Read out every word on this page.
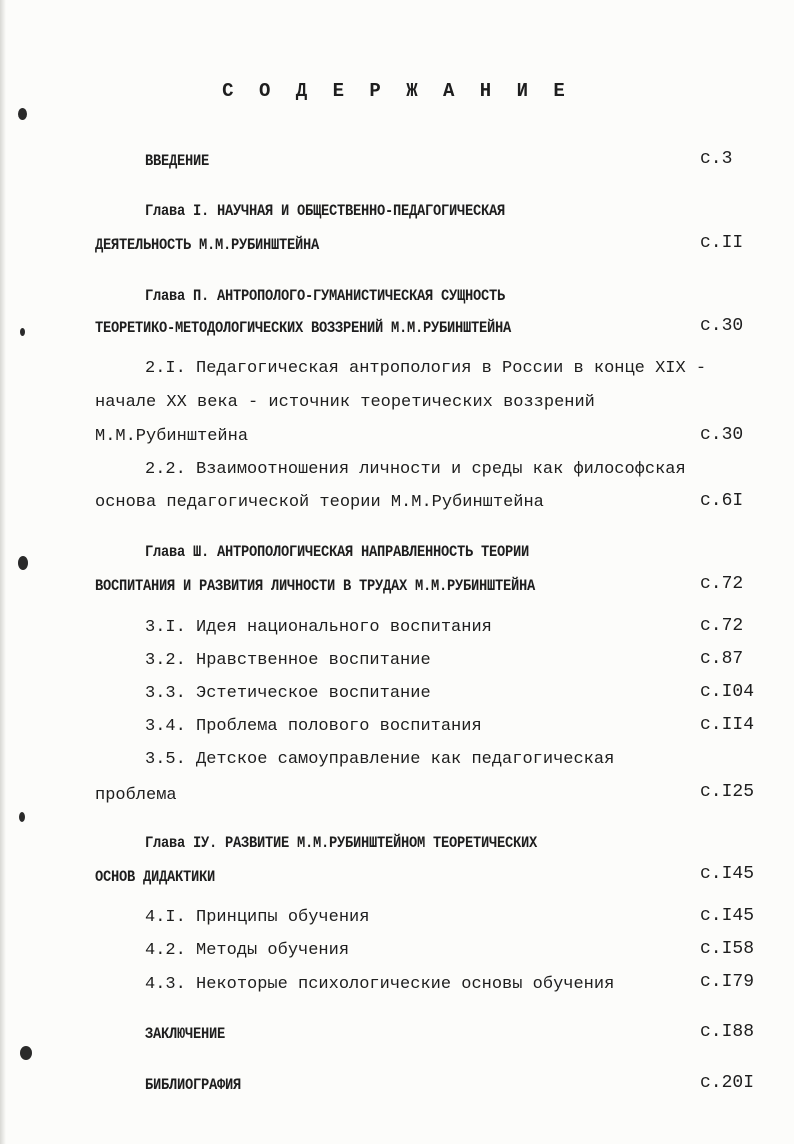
С О Д Е Р Ж А Н И Е
ВВЕДЕНИЕ	с.3
Глава I. НАУЧНАЯ И ОБЩЕСТВЕННО-ПЕДАГОГИЧЕСКАЯ
ДЕЯТЕЛЬНОСТЬ М.М.РУБИНШТЕЙНА	с.II
Глава П. АНТРОПОЛОГО-ГУМАНИСТИЧЕСКАЯ СУЩНОСТЬ
ТЕОРЕТИКО-МЕТОДОЛОГИЧЕСКИХ ВОЗЗРЕНИЙ М.М.РУБИНШТЕЙНА	с.30
2.I. Педагогическая антропология в России в конце XIX -
начале XX века - источник теоретических воззрений
М.М.Рубинштейна	с.30
2.2. Взаимоотношения личности и среды как философская
основа педагогической теории М.М.Рубинштейна	с.6I
Глава Ш. АНТРОПОЛОГИЧЕСКАЯ НАПРАВЛЕННОСТЬ ТЕОРИИ
ВОСПИТАНИЯ И РАЗВИТИЯ ЛИЧНОСТИ В ТРУДАХ М.М.РУБИНШТЕЙНА	с.72
3.I. Идея национального воспитания	с.72
3.2. Нравственное воспитание	с.87
3.3. Эстетическое воспитание	с.I04
3.4. Проблема полового воспитания	с.II4
3.5. Детское самоуправление как педагогическая
проблема	с.I25
Глава IУ. РАЗВИТИЕ М.М.РУБИНШТЕЙНОМ ТЕОРЕТИЧЕСКИХ
ОСНОВ ДИДАКТИКИ	с.I45
4.I. Принципы обучения	с.I45
4.2. Методы обучения	с.I58
4.3. Некоторые психологические основы обучения	с.I79
ЗАКЛЮЧЕНИЕ	с.I88
БИБЛИОГРАФИЯ	с.20I
